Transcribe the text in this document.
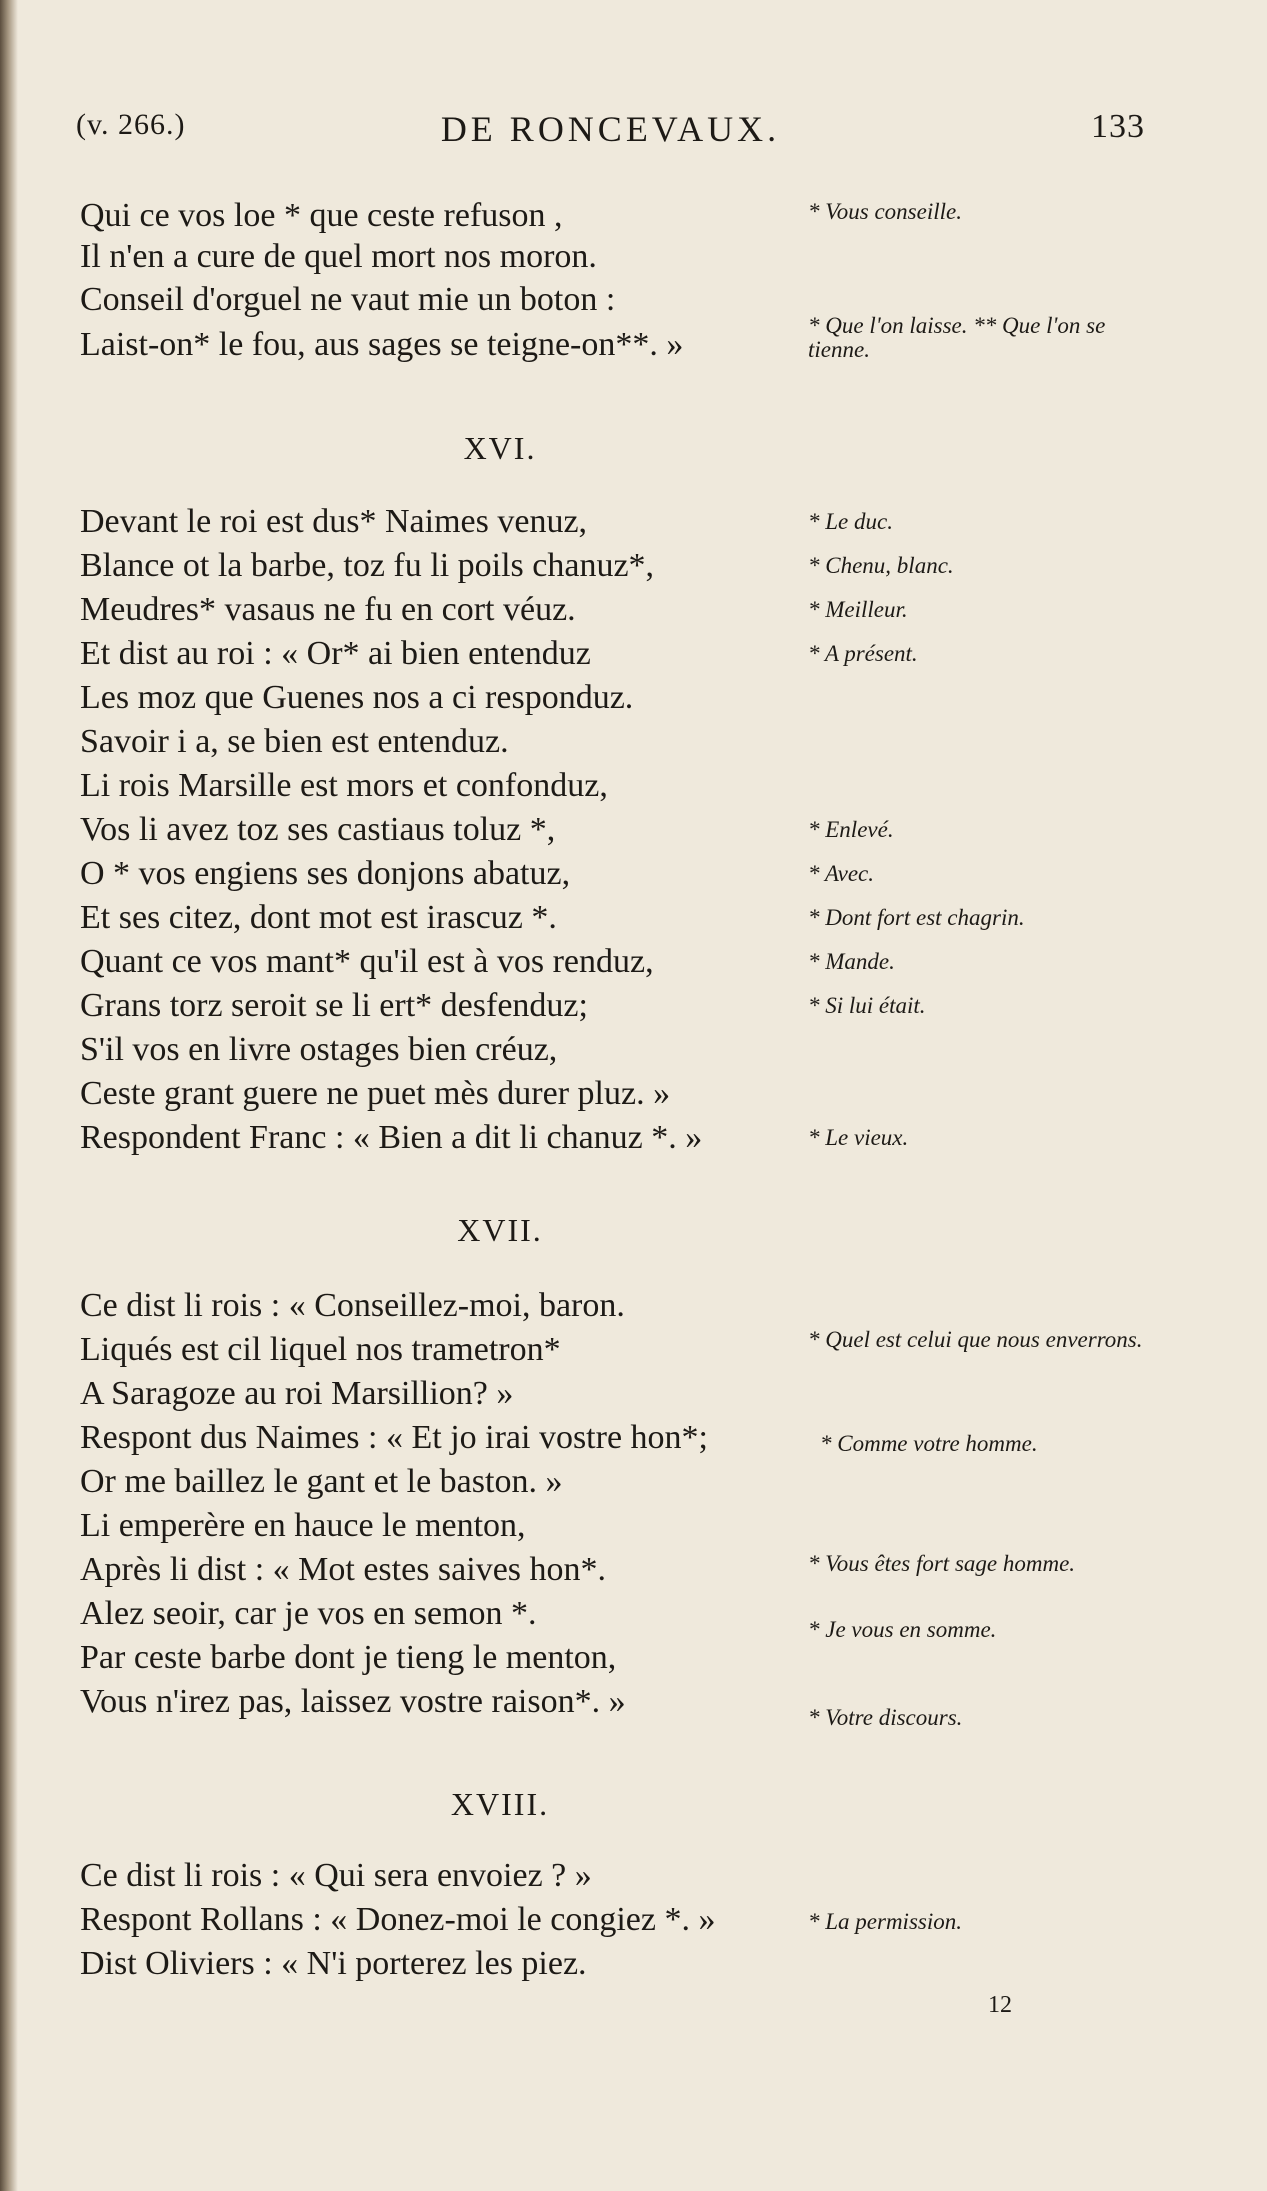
(v. 266.)	DE RONCEVAUX.	133
Qui ce vos loe * que ceste refuson ,
Il n'en a cure de quel mort nos moron.
Conseil d'orguel ne vaut mie un boton :
Laist-on* le fou, aus sages se teigne-on**. »
* Vous conseille.
* Que l'on laisse. ** Que l'on se tienne.
XVI.
Devant le roi est dus* Naimes venuz,
Blance ot la barbe, toz fu li poils chanuz*,
Meudres* vasaus ne fu en cort véuz.
Et dist au roi : « Or* ai bien entenduz
Les moz que Guenes nos a ci responduz.
Savoir i a, se bien est entenduz.
Li rois Marsille est mors et confonduz,
Vos li avez toz ses castiaus toluz *,
O * vos engiens ses donjons abatuz,
Et ses citez, dont mot est irascuz *.
Quant ce vos mant* qu'il est à vos renduz,
Grans torz seroit se li ert* desfenduz;
S'il vos en livre ostages bien créuz,
Ceste grant guere ne puet mès durer pluz. »
Respondent Franc : « Bien a dit li chanuz *. »
* Le duc.
* Chenu, blanc.
* Meilleur.
* A présent.
* Enlevé.
* Avec.
* Dont fort est chagrin.
* Mande.
* Si lui était.
* Le vieux.
XVII.
Ce dist li rois : « Conseillez-moi, baron.
Liqués est cil liquel nos trametron*
A Saragoze au roi Marsillion? »
Respont dus Naimes : « Et jo irai vostre hon*;
Or me baillez le gant et le baston. »
Li emperère en hauce le menton,
Après li dist : « Mot estes saives hon*.
Alez seoir, car je vos en semon *.
Par ceste barbe dont je tieng le menton,
Vous n'irez pas, laissez vostre raison*. »
* Quel est celui que nous enverrons.
* Comme votre homme.
* Vous êtes fort sage homme.
* Je vous en somme.
* Votre discours.
XVIII.
Ce dist li rois : « Qui sera envoiez ? »
Respont Rollans : « Donez-moi le congiez *. »
Dist Oliviers : « N'i porterez les piez.
* La permission.
12
